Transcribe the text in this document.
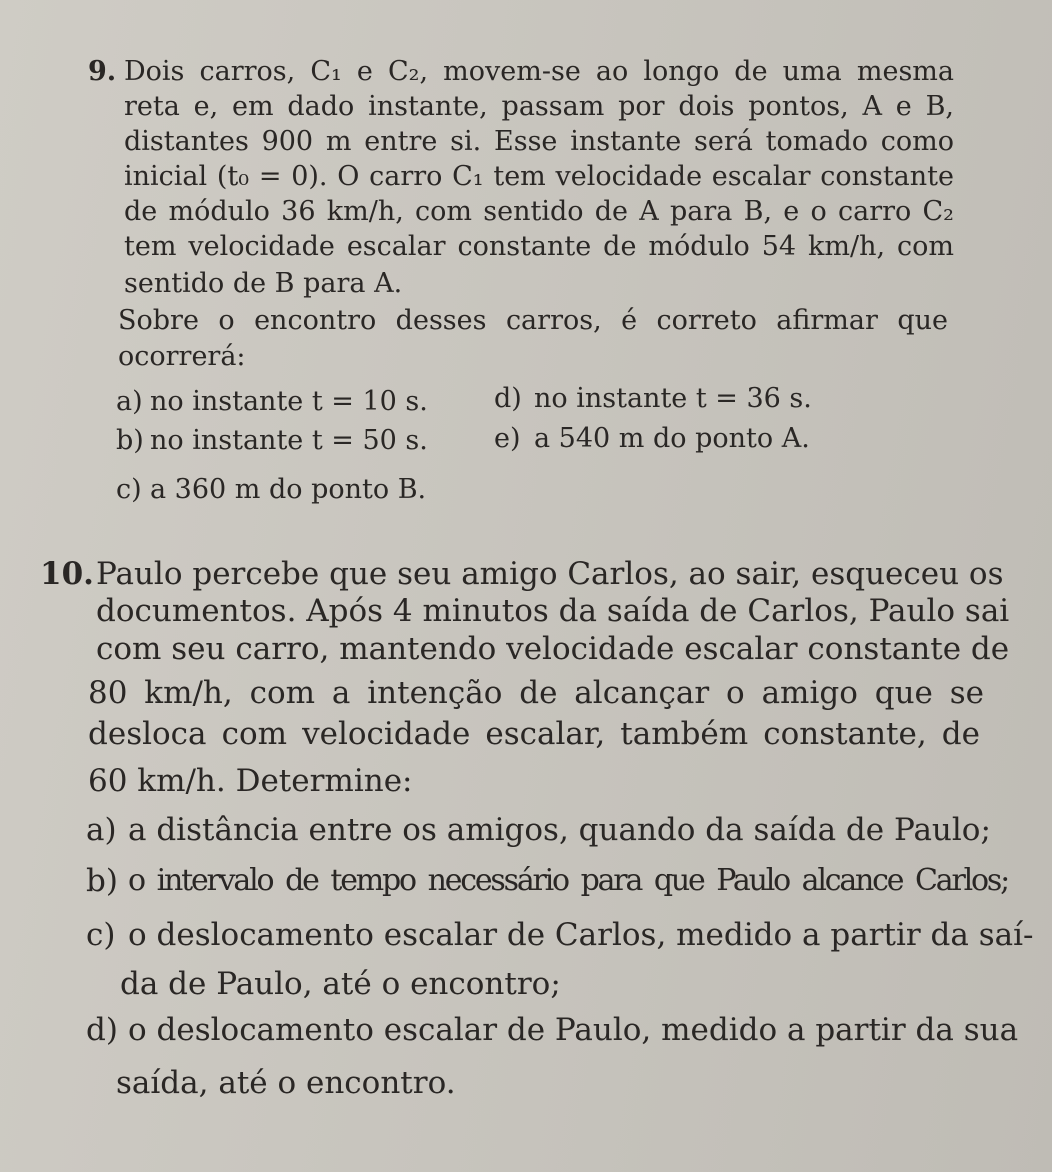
9. Dois carros, C₁ e C₂, movem-se ao longo de uma mesma
reta e, em dado instante, passam por dois pontos, A e B,
distantes 900 m entre si. Esse instante será tomado como
inicial (t₀ = 0). O carro C₁ tem velocidade escalar constante
de módulo 36 km/h, com sentido de A para B, e o carro C₂
tem velocidade escalar constante de módulo 54 km/h, com
sentido de B para A.
Sobre o encontro desses carros, é correto afirmar que
ocorrerá:
a) no instante t = 10 s. d) no instante t = 36 s.
b) no instante t = 50 s. e) a 540 m do ponto A.
c) a 360 m do ponto B.
10. Paulo percebe que seu amigo Carlos, ao sair, esqueceu os
documentos. Após 4 minutos da saída de Carlos, Paulo sai
com seu carro, mantendo velocidade escalar constante de
80 km/h, com a intenção de alcançar o amigo que se
desloca com velocidade escalar, também constante, de
60 km/h. Determine:
a) a distância entre os amigos, quando da saída de Paulo;
b) o intervalo de tempo necessário para que Paulo alcance Carlos;
c) o deslocamento escalar de Carlos, medido a partir da saí-
da de Paulo, até o encontro;
d) o deslocamento escalar de Paulo, medido a partir da sua
saída, até o encontro.
